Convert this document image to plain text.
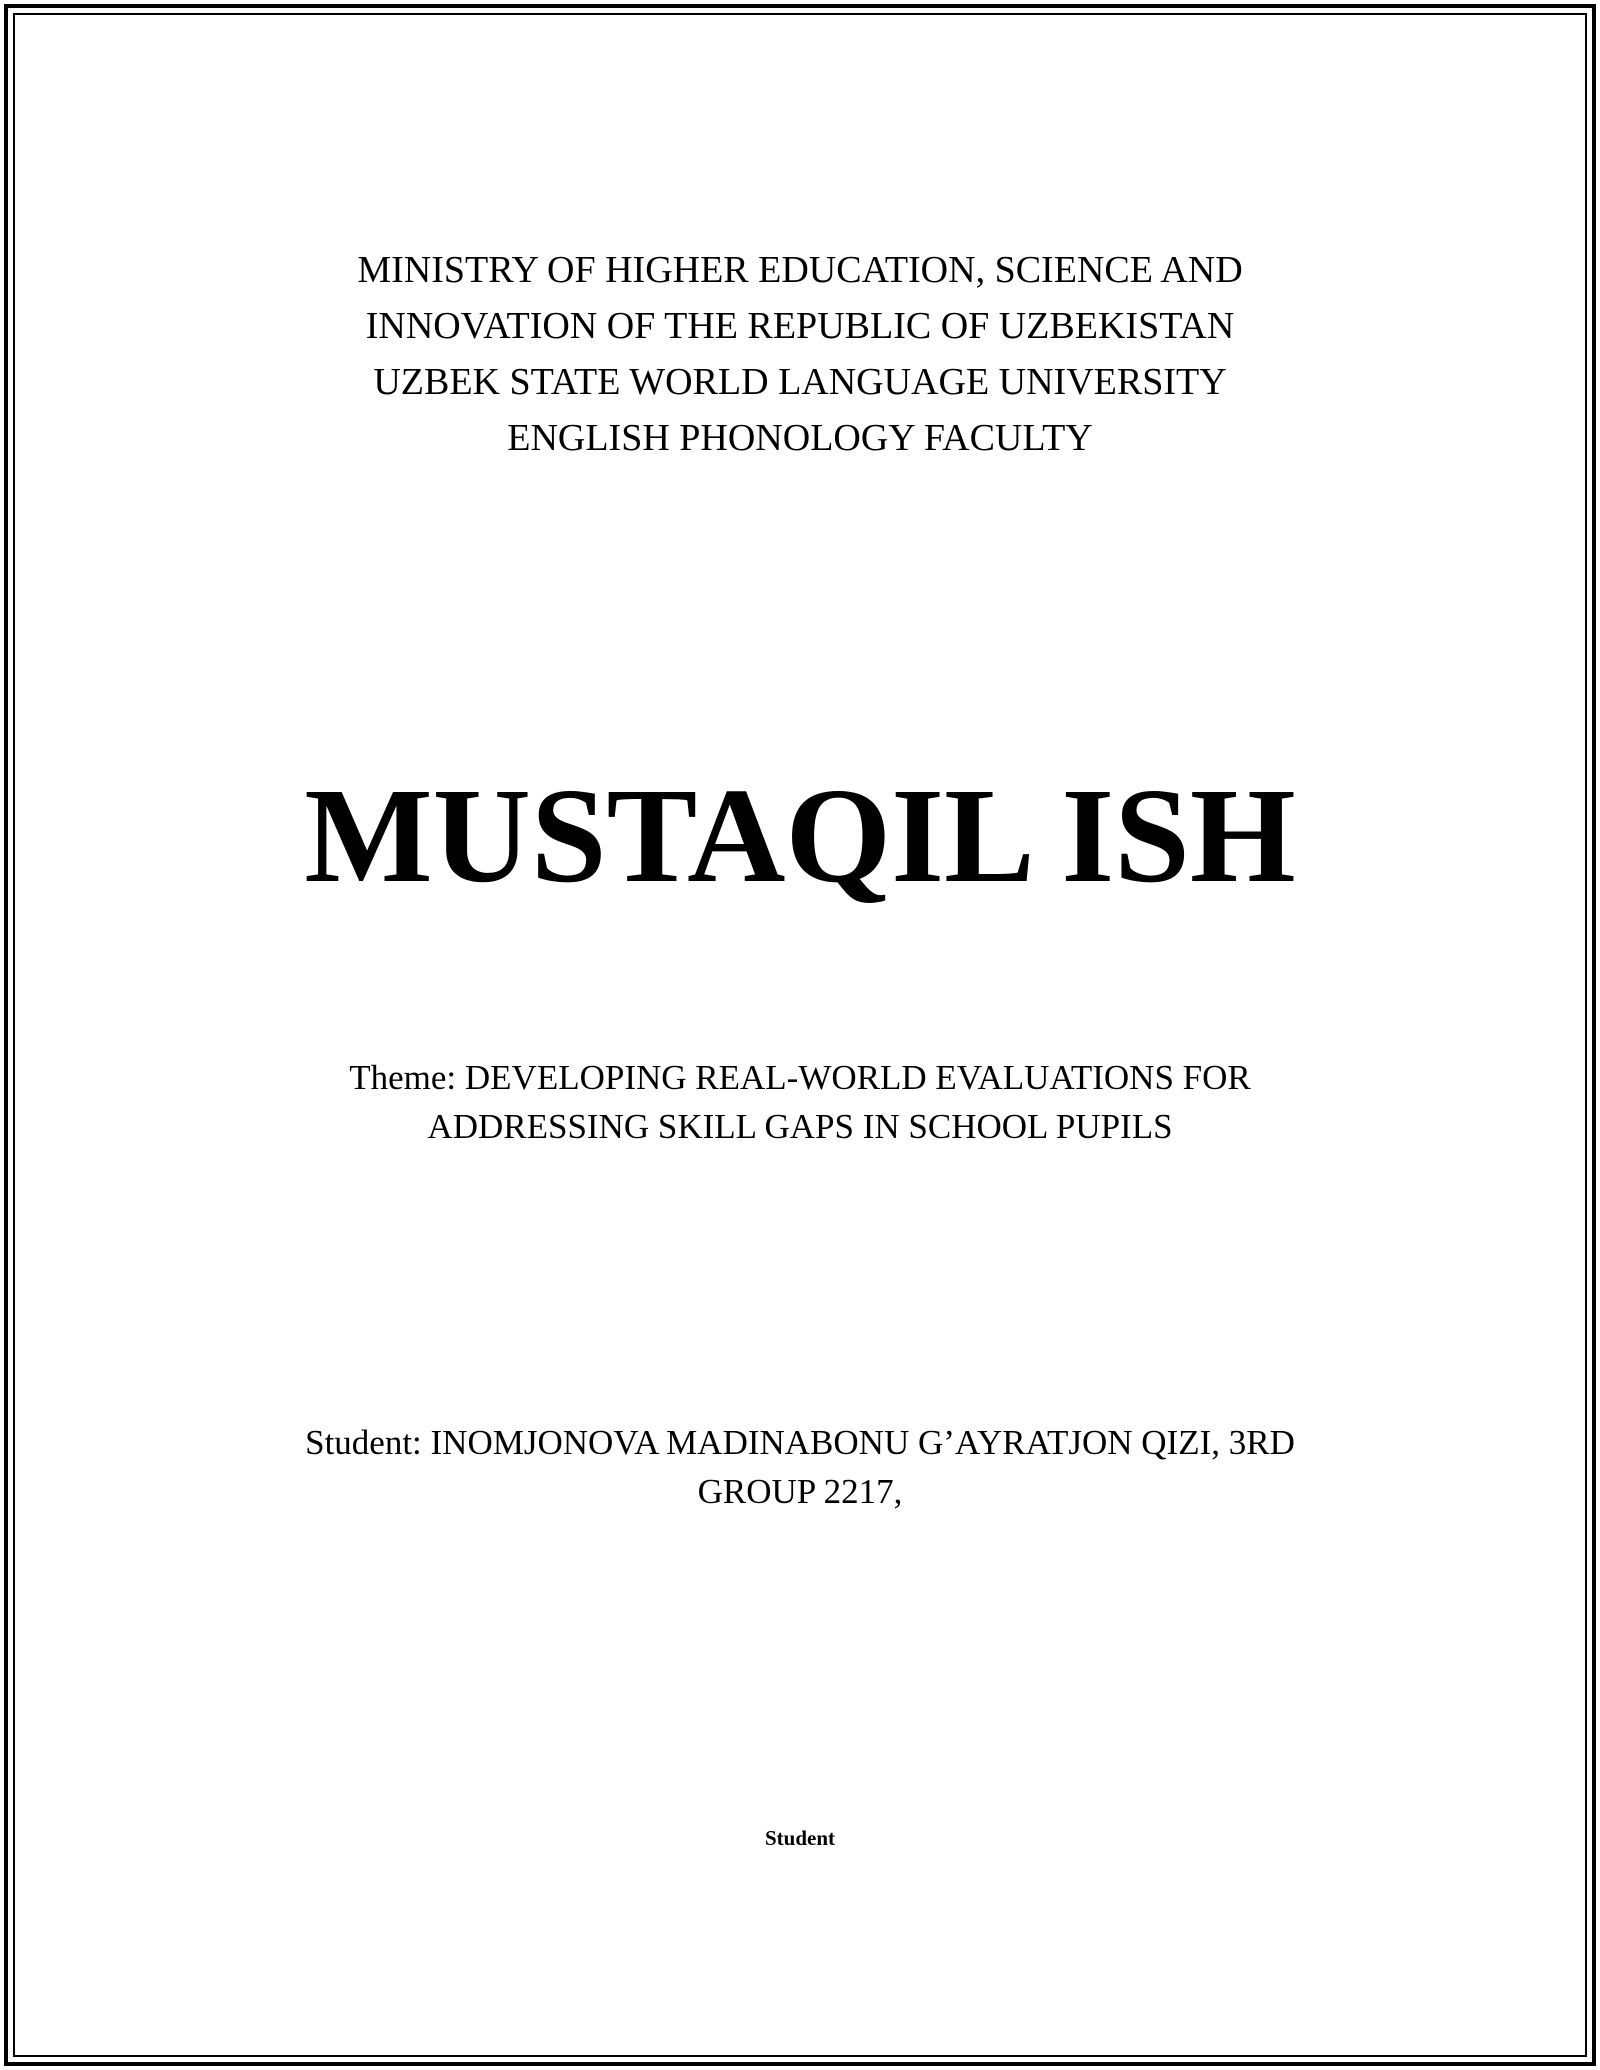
MINISTRY OF HIGHER EDUCATION, SCIENCE AND
INNOVATION OF THE REPUBLIC OF UZBEKISTAN
UZBEK STATE WORLD LANGUAGE UNIVERSITY
ENGLISH PHONOLOGY FACULTY
MUSTAQIL ISH
Theme: DEVELOPING REAL-WORLD EVALUATIONS FOR
ADDRESSING SKILL GAPS IN SCHOOL PUPILS
Student: INOMJONOVA MADINABONU G’AYRATJON QIZI, 3RD
GROUP 2217,
Student
